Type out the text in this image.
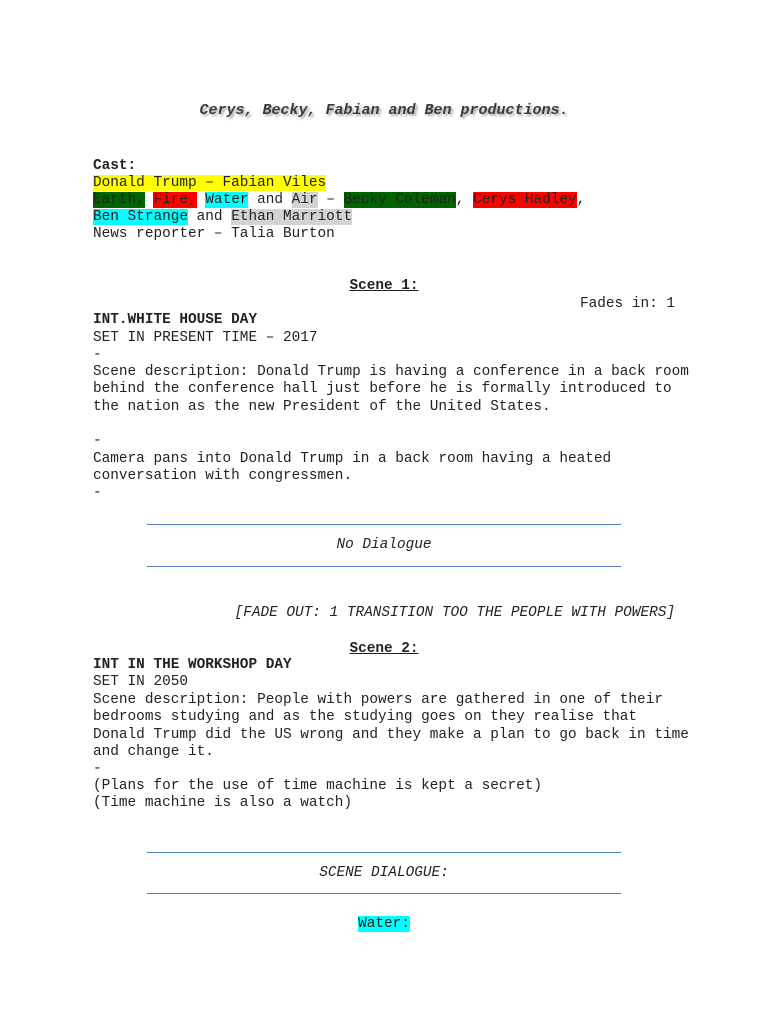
Cerys, Becky, Fabian and Ben productions.
Cast:
Donald Trump – Fabian Viles
Earth, Fire, Water and Air – Becky Coleman, Cerys Hadley,
Ben Strange and Ethan Marriott
News reporter – Talia Burton
Scene 1:
Fades in: 1
INT.WHITE HOUSE DAY
SET IN PRESENT TIME – 2017
-
Scene description: Donald Trump is having a conference in a back room behind the conference hall just before he is formally introduced to the nation as the new President of the United States.
-
Camera pans into Donald Trump in a back room having a heated conversation with congressmen.
-
No Dialogue
[FADE OUT: 1 TRANSITION TOO THE PEOPLE WITH POWERS]
Scene 2:
INT IN THE WORKSHOP DAY
SET IN 2050
Scene description: People with powers are gathered in one of their bedrooms studying and as the studying goes on they realise that Donald Trump did the US wrong and they make a plan to go back in time and change it.
-
(Plans for the use of time machine is kept a secret)
(Time machine is also a watch)
SCENE DIALOGUE:
Water:
